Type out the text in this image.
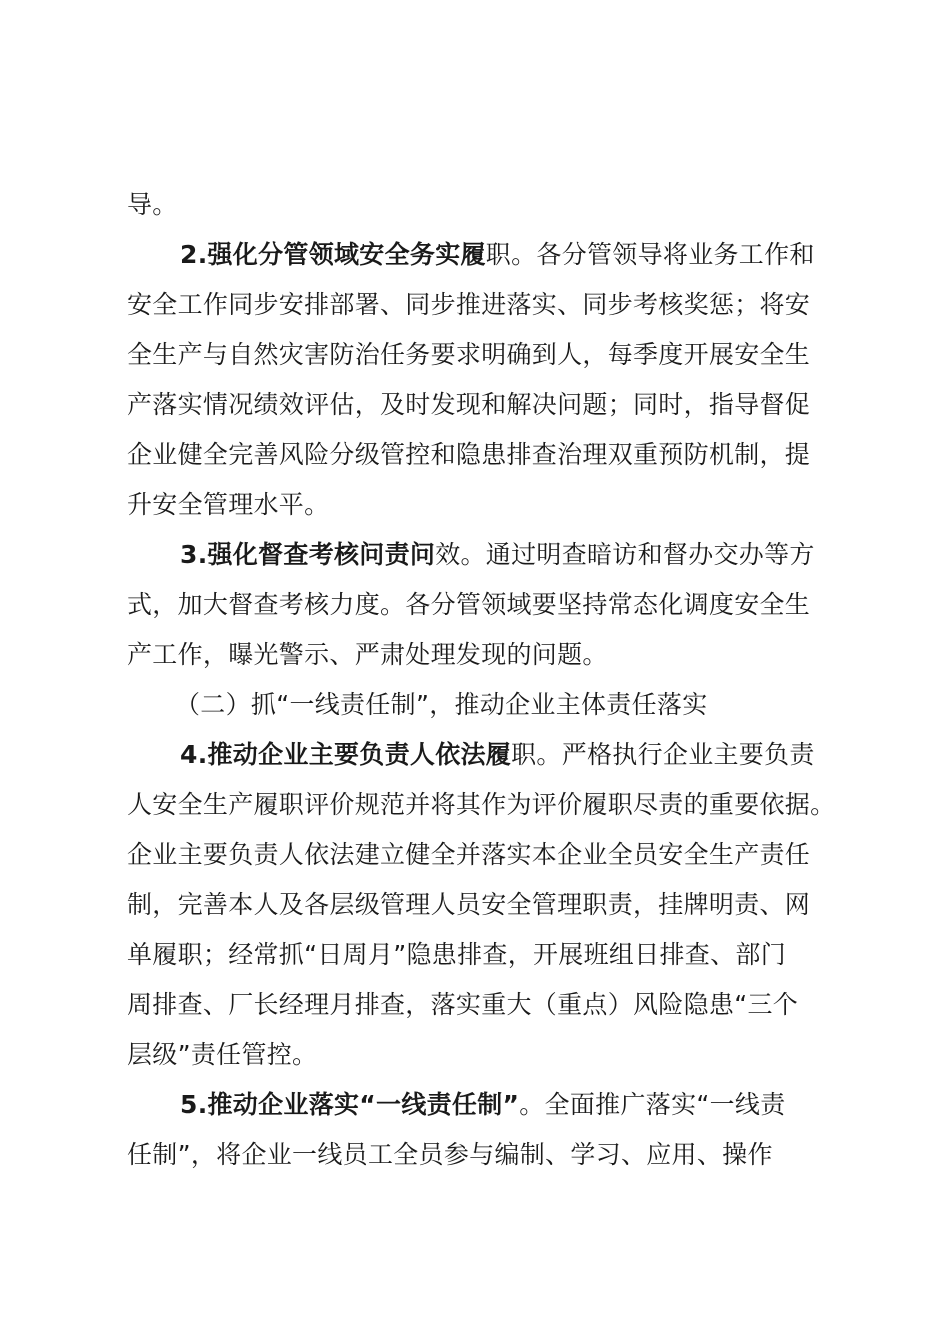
导。
2.强化分管领域安全务实履职。各分管领导将业务工作和
安全工作同步安排部署、同步推进落实、同步考核奖惩；将安
全生产与自然灾害防治任务要求明确到人，每季度开展安全生
产落实情况绩效评估，及时发现和解决问题；同时，指导督促
企业健全完善风险分级管控和隐患排查治理双重预防机制，提
升安全管理水平。
3.强化督查考核问责问效。通过明查暗访和督办交办等方
式，加大督查考核力度。各分管领域要坚持常态化调度安全生
产工作，曝光警示、严肃处理发现的问题。
（二）抓“一线责任制”，推动企业主体责任落实
4.推动企业主要负责人依法履职。严格执行企业主要负责
人安全生产履职评价规范并将其作为评价履职尽责的重要依据。
企业主要负责人依法建立健全并落实本企业全员安全生产责任
制，完善本人及各层级管理人员安全管理职责，挂牌明责、网
单履职；经常抓“日周月”隐患排查，开展班组日排查、部门
周排查、厂长经理月排查，落实重大（重点）风险隐患“三个
层级”责任管控。
5.推动企业落实“一线责任制”。全面推广落实“一线责
任制”，将企业一线员工全员参与编制、学习、应用、操作
